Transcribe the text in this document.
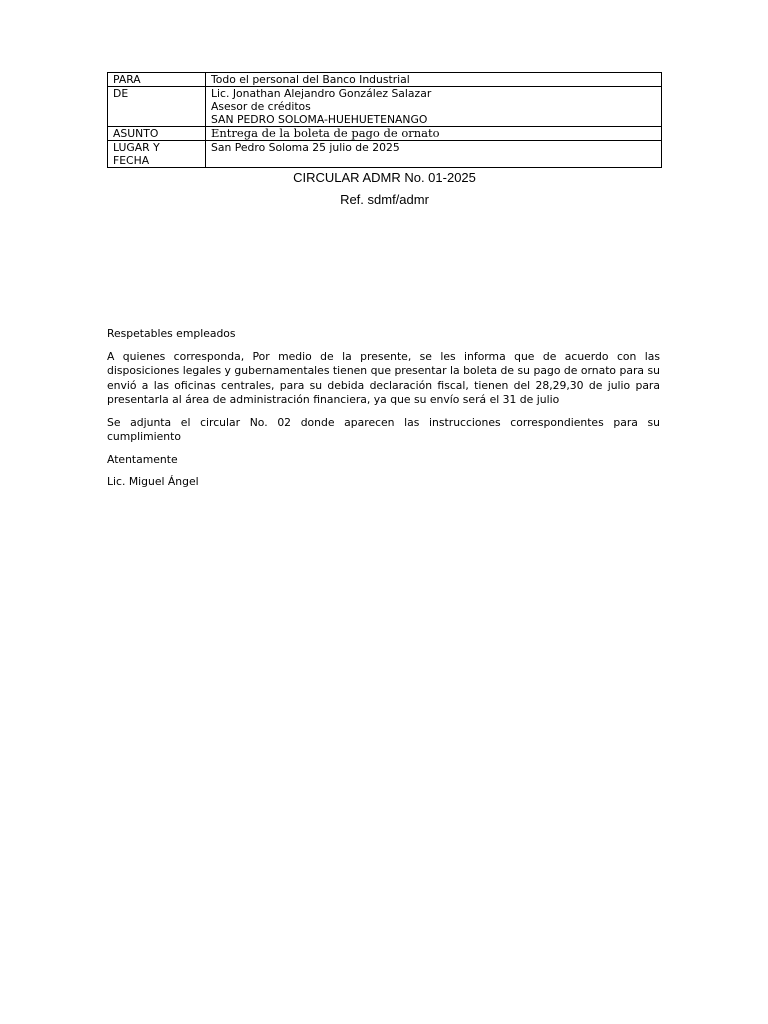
PARA	Todo el personal del Banco Industrial
DE	Lic. Jonathan Alejandro González Salazar
Asesor de créditos
SAN PEDRO SOLOMA-HUEHUETENANGO

ASUNTO	Entrega de la boleta de pago de ornato

LUGAR Y
FECHA	San Pedro Soloma 25 julio de 2025
CIRCULAR ADMR No. 01-2025
Ref. sdmf/admr

Respetables empleados

A quienes corresponda, Por medio de la presente, se les informa que de acuerdo con las disposiciones legales y gubernamentales tienen que presentar la boleta de su pago de ornato para su envió a las oficinas centrales, para su debida declaración fiscal, tienen del 28,29,30 de julio para presentarla al área de administración financiera, ya que su envío será el 31 de julio

Se adjunta el circular No. 02 donde aparecen las instrucciones correspondientes para su cumplimiento

Atentamente

Lic. Miguel Ángel
